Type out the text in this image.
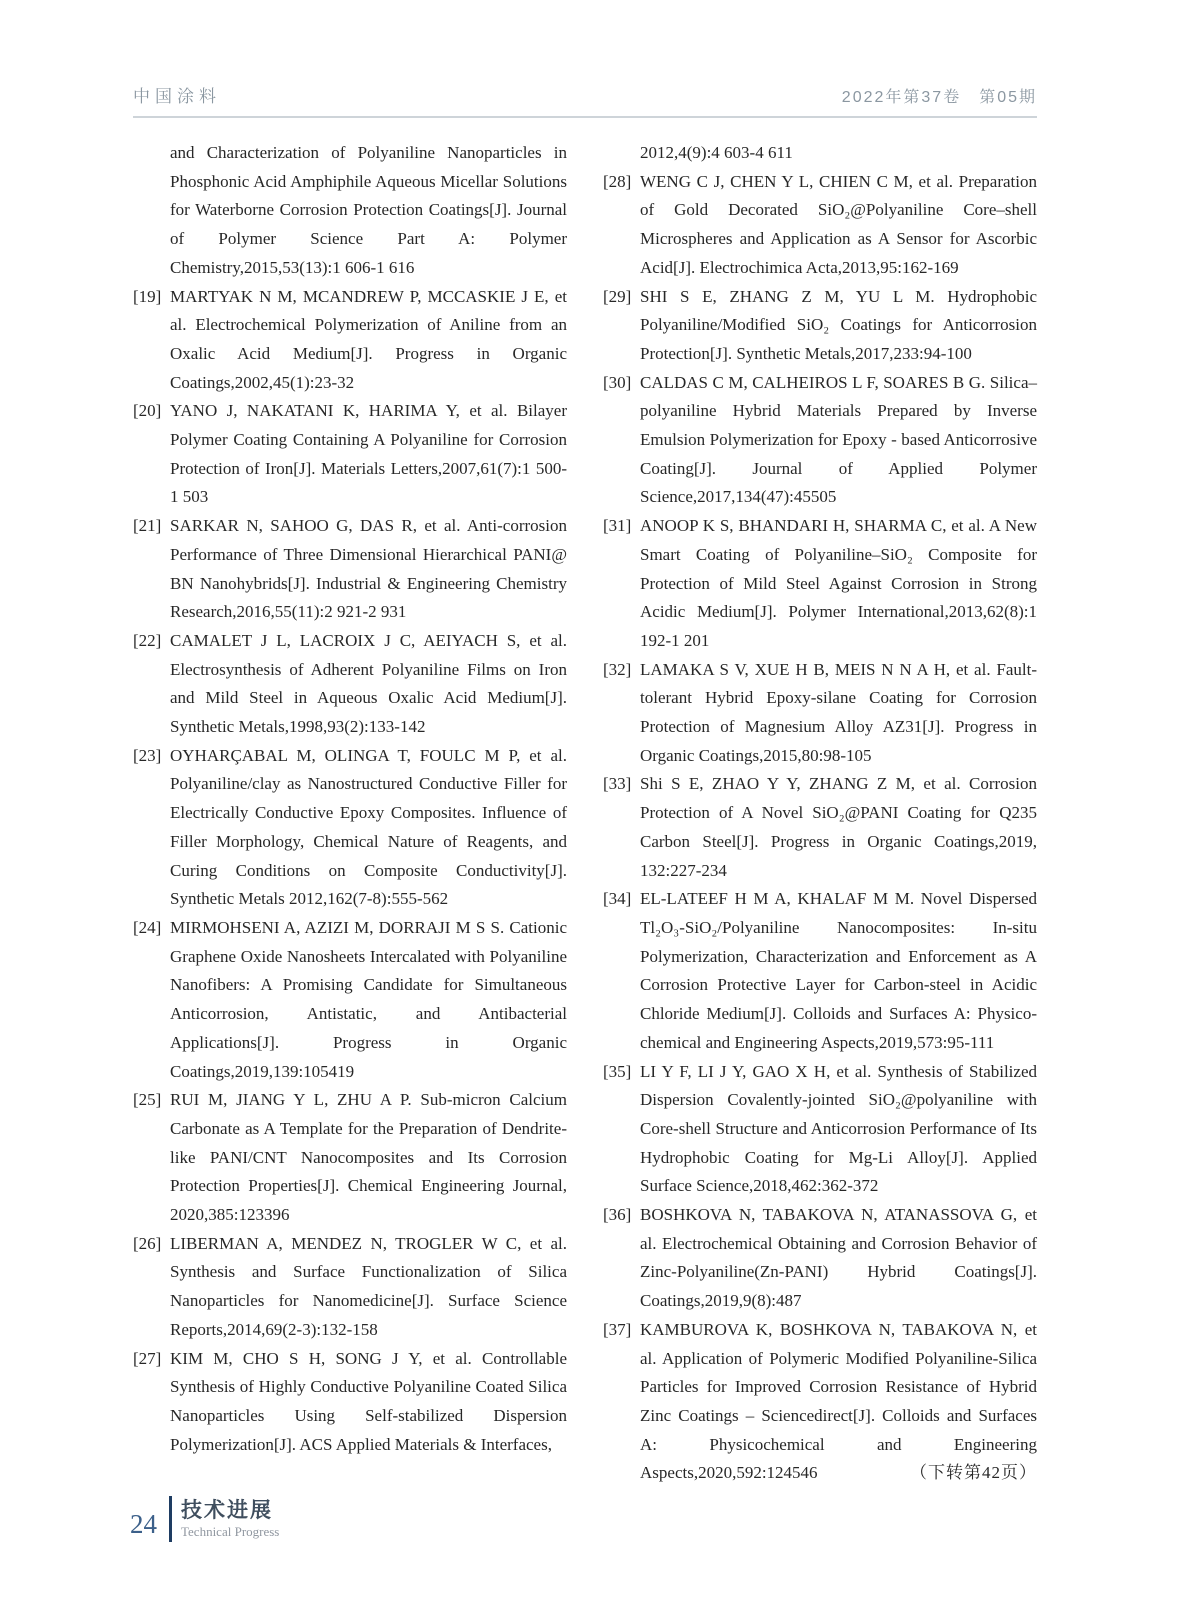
中国涂料	2022年第37卷　第05期
and Characterization of Polyaniline Nanoparticles in Phosphonic Acid Amphiphile Aqueous Micellar Solutions for Waterborne Corrosion Protection Coatings[J]. Journal of Polymer Science Part A: Polymer Chemistry,2015,53(13):1 606-1 616
[19] MARTYAK N M, MCANDREW P, MCCASKIE J E, et al. Electrochemical Polymerization of Aniline from an Oxalic Acid Medium[J]. Progress in Organic Coatings,2002,45(1):23-32
[20] YANO J, NAKATANI K, HARIMA Y, et al. Bilayer Polymer Coating Containing A Polyaniline for Corrosion Protection of Iron[J]. Materials Letters,2007,61(7):1 500-1 503
[21] SARKAR N, SAHOO G, DAS R, et al. Anti-corrosion Performance of Three Dimensional Hierarchical PANI@ BN Nanohybrids[J]. Industrial & Engineering Chemistry Research,2016,55(11):2 921-2 931
[22] CAMALET J L, LACROIX J C, AEIYACH S, et al. Electrosynthesis of Adherent Polyaniline Films on Iron and Mild Steel in Aqueous Oxalic Acid Medium[J]. Synthetic Metals,1998,93(2):133-142
[23] OYHARÇABAL M, OLINGA T, FOULC M P, et al. Polyaniline/clay as Nanostructured Conductive Filler for Electrically Conductive Epoxy Composites. Influence of Filler Morphology, Chemical Nature of Reagents, and Curing Conditions on Composite Conductivity[J]. Synthetic Metals 2012,162(7-8):555-562
[24] MIRMOHSENI A, AZIZI M, DORRAJI M S S. Cationic Graphene Oxide Nanosheets Intercalated with Polyaniline Nanofibers: A Promising Candidate for Simultaneous Anticorrosion, Antistatic, and Antibacterial Applications[J]. Progress in Organic Coatings,2019,139:105419
[25] RUI M, JIANG Y L, ZHU A P. Sub-micron Calcium Carbonate as A Template for the Preparation of Dendrite-like PANI/CNT Nanocomposites and Its Corrosion Protection Properties[J]. Chemical Engineering Journal, 2020,385:123396
[26] LIBERMAN A, MENDEZ N, TROGLER W C, et al. Synthesis and Surface Functionalization of Silica Nanoparticles for Nanomedicine[J]. Surface Science Reports,2014,69(2-3):132-158
[27] KIM M, CHO S H, SONG J Y, et al. Controllable Synthesis of Highly Conductive Polyaniline Coated Silica Nanoparticles Using Self-stabilized Dispersion Polymerization[J]. ACS Applied Materials & Interfaces,
2012,4(9):4 603-4 611
[28] WENG C J, CHEN Y L, CHIEN C M, et al. Preparation of Gold Decorated SiO₂@Polyaniline Core–shell Microspheres and Application as A Sensor for Ascorbic Acid[J]. Electrochimica Acta,2013,95:162-169
[29] SHI S E, ZHANG Z M, YU L M. Hydrophobic Polyaniline/Modified SiO₂ Coatings for Anticorrosion Protection[J]. Synthetic Metals,2017,233:94-100
[30] CALDAS C M, CALHEIROS L F, SOARES B G. Silica–polyaniline Hybrid Materials Prepared by Inverse Emulsion Polymerization for Epoxy - based Anticorrosive Coating[J]. Journal of Applied Polymer Science,2017,134(47):45505
[31] ANOOP K S, BHANDARI H, SHARMA C, et al. A New Smart Coating of Polyaniline–SiO₂ Composite for Protection of Mild Steel Against Corrosion in Strong Acidic Medium[J]. Polymer International,2013,62(8):1 192-1 201
[32] LAMAKA S V, XUE H B, MEIS N N A H, et al. Fault-tolerant Hybrid Epoxy-silane Coating for Corrosion Protection of Magnesium Alloy AZ31[J]. Progress in Organic Coatings,2015,80:98-105
[33] Shi S E, ZHAO Y Y, ZHANG Z M, et al. Corrosion Protection of A Novel SiO₂@PANI Coating for Q235 Carbon Steel[J]. Progress in Organic Coatings,2019, 132:227-234
[34] EL-LATEEF H M A, KHALAF M M. Novel Dispersed Tl₂O₃-SiO₂/Polyaniline Nanocomposites: In-situ Polymerization, Characterization and Enforcement as A Corrosion Protective Layer for Carbon-steel in Acidic Chloride Medium[J]. Colloids and Surfaces A: Physico-chemical and Engineering Aspects,2019,573:95-111
[35] LI Y F, LI J Y, GAO X H, et al. Synthesis of Stabilized Dispersion Covalently-jointed SiO₂@polyaniline with Core-shell Structure and Anticorrosion Performance of Its Hydrophobic Coating for Mg-Li Alloy[J]. Applied Surface Science,2018,462:362-372
[36] BOSHKOVA N, TABAKOVA N, ATANASSOVA G, et al. Electrochemical Obtaining and Corrosion Behavior of Zinc-Polyaniline(Zn-PANI) Hybrid Coatings[J]. Coatings,2019,9(8):487
[37] KAMBUROVA K, BOSHKOVA N, TABAKOVA N, et al. Application of Polymeric Modified Polyaniline-Silica Particles for Improved Corrosion Resistance of Hybrid Zinc Coatings – Sciencedirect[J]. Colloids and Surfaces A: Physicochemical and Engineering Aspects,2020,592:124546	（下转第42页）
24 技术进展
Technical Progress
